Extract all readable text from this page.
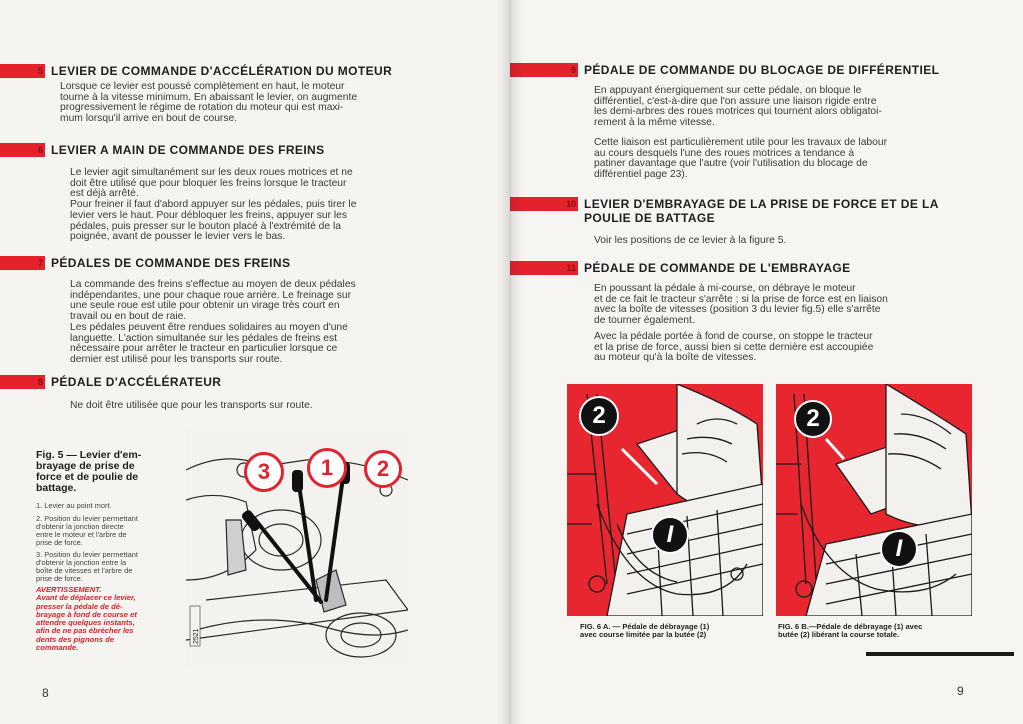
5 LEVIER DE COMMANDE D'ACCÉLÉRATION DU MOTEUR
Lorsque ce levier est poussé complètement en haut, le moteur
tourne à la vitesse minimum. En abaissant le levier, on augmente
progressivement le régime de rotation du moteur qui est maxi-
mum lorsqu'il arrive en bout de course.
6 LEVIER A MAIN DE COMMANDE DES FREINS
Le levier agit simultanément sur les deux roues motrices et ne
doit être utilisé que pour bloquer les freins lorsque le tracteur
est déjà arrêté.
Pour freiner il faut d'abord appuyer sur les pédales, puis tirer le
levier vers le haut. Pour débloquer les freins, appuyer sur les
pédales, puis presser sur le bouton placé à l'extrémité de la
poignée, avant de pousser le levier vers le bas.
7 PÉDALES DE COMMANDE DES FREINS
La commande des freins s'effectue au moyen de deux pédales
indépendantes, une pour chaque roue arrière. Le freinage sur
une seule roue est utile pour obtenir un virage très court en
travail ou en bout de raie.
Les pédales peuvent être rendues solidaires au moyen d'une
languette. L'action simultanée sur les pédales de freins est
nécessaire pour arrêter le tracteur en particulier lorsque ce
dernier est utilisé pour les transports sur route.
8 PÉDALE D'ACCÉLÉRATEUR
Ne doit être utilisée que pour les transports sur route.
Fig. 5 — Levier d'em-
brayage de prise de
force et de poulie de
battage.
1. Levier au point mort.
2. Position du levier permettant
d'obtenir la jonction directe
entre le moteur et l'arbre de
prise de force.
3. Position du levier permettant
d'obtenir la jonction entre la
boîte de vitesses et l'arbre de
prise de force.
AVERTISSEMENT.
Avant de déplacer ce levier,
presser la pédale de dé-
brayage à fond de course et
attendre quelques instants,
afin de ne pas ébrécher les
dents des pignons de
commande.
2521
3 1 2
8
9 PÉDALE DE COMMANDE DU BLOCAGE DE DIFFÉRENTIEL
En appuyant énergiquement sur cette pédale, on bloque le
différentiel, c'est-à-dire que l'on assure une liaison rigide entre
les demi-arbres des roues motrices qui tournent alors obligatoi-
rement à la même vitesse.
Cette liaison est particulièrement utile pour les travaux de labour
au cours desquels l'une des roues motrices a tendance à
patiner davantage que l'autre (voir l'utilisation du blocage de
différentiel page 23).
10 LEVIER D'EMBRAYAGE DE LA PRISE DE FORCE ET DE LA
POULIE DE BATTAGE
Voir les positions de ce levier à la figure 5.
11 PÉDALE DE COMMANDE DE L'EMBRAYAGE
En poussant la pédale à mi-course, on débraye le moteur
et de ce fait le tracteur s'arrête ; si la prise de force est en liaison
avec la boîte de vitesses (position 3 du levier fig.5) elle s'arrête
de tourner également.
Avec la pédale portée à fond de course, on stoppe le tracteur
et la prise de force, aussi bien si cette dernière est accoupiée
au moteur qu'à la boîte de vitesses.
2
I
FIG. 6 A. — Pédale de débrayage (1)
avec course limitée par la butée (2)
2
I
FIG. 6 B.—Pédale de débrayage (1) avec
butée (2) libérant la course totale.
9
